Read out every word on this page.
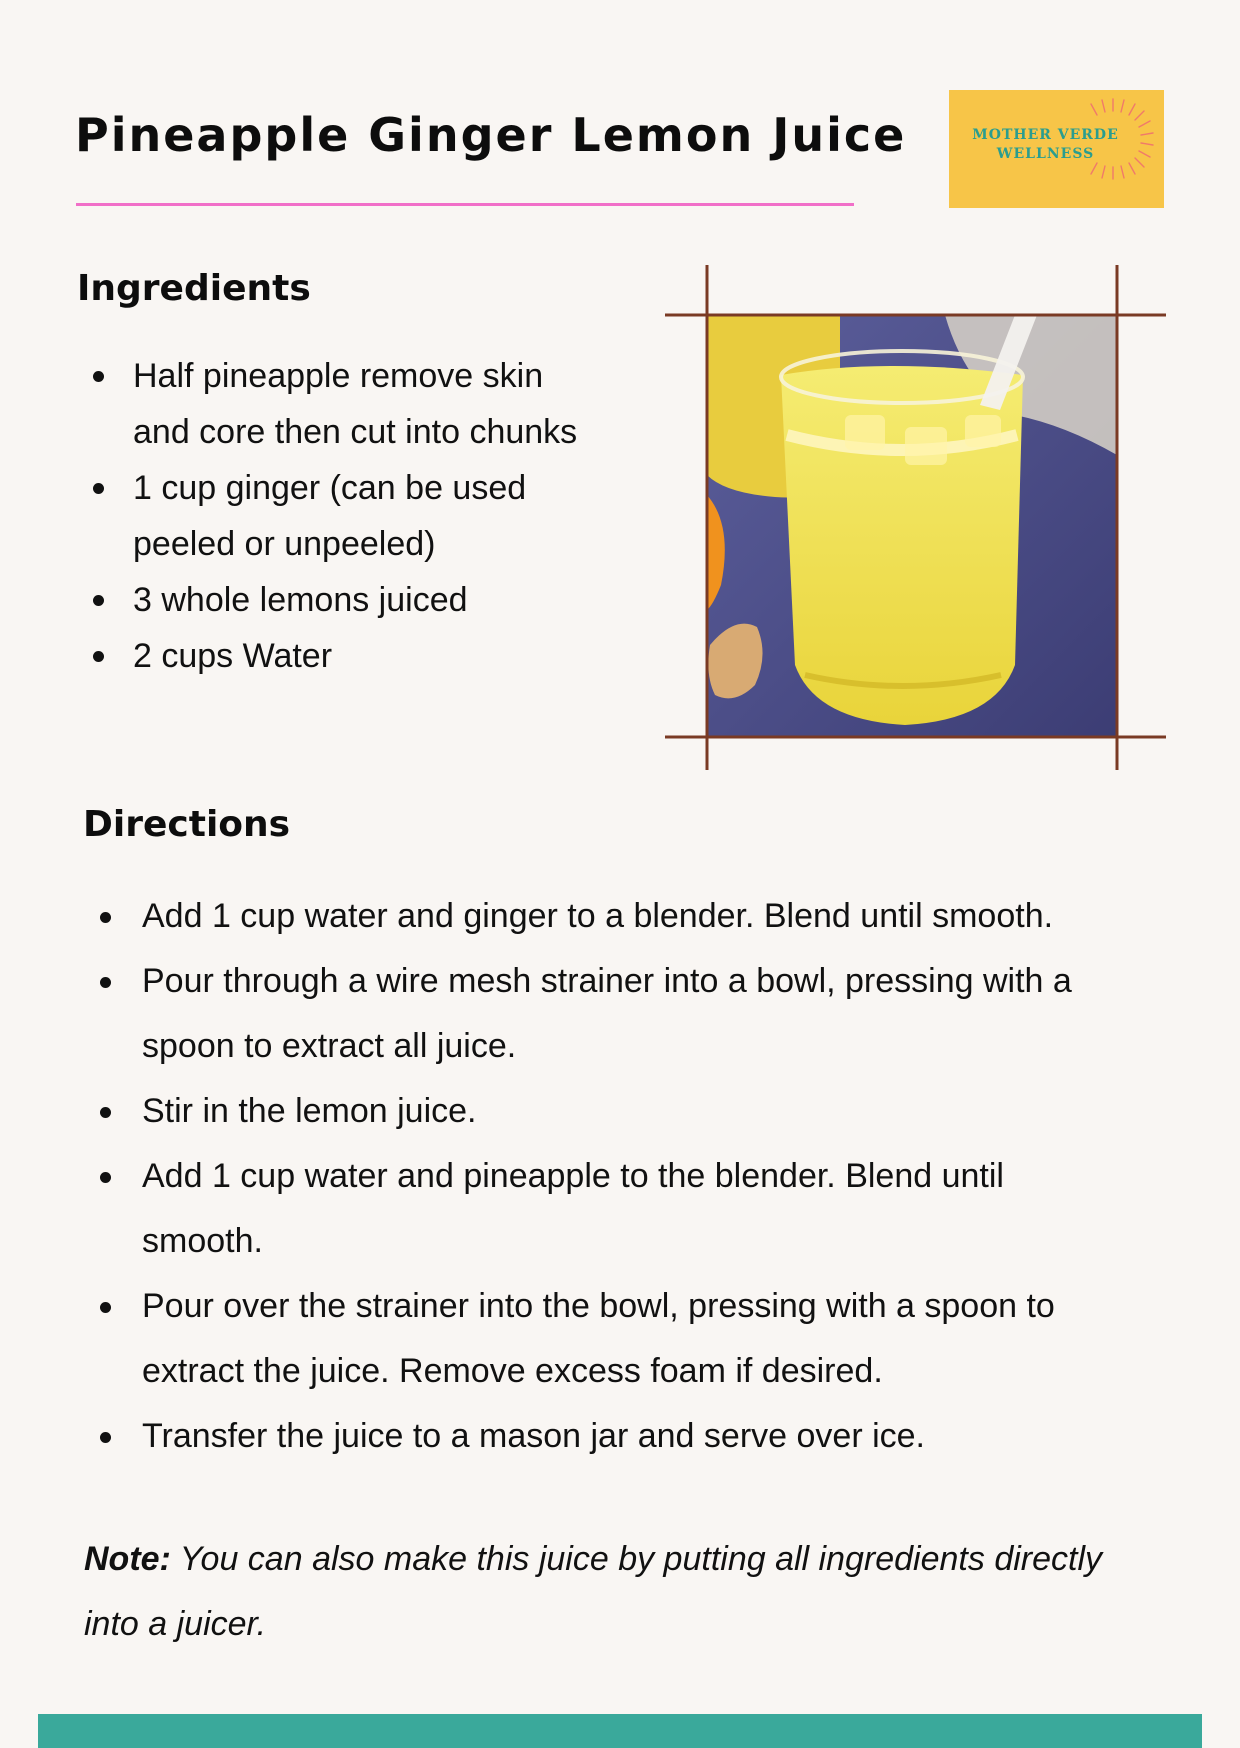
Pineapple Ginger Lemon Juice	MOTHER VERDE
WELLNESS
Ingredients
Half pineapple remove skin and core then cut into chunks
1 cup ginger (can be used peeled or unpeeled)
3 whole lemons juiced
2 cups Water
Directions
Add 1 cup water and ginger to a blender. Blend until smooth.
Pour through a wire mesh strainer into a bowl, pressing with a spoon to extract all juice.
Stir in the lemon juice.
Add 1 cup water and pineapple to the blender. Blend until smooth.
Pour over the strainer into the bowl, pressing with a spoon to extract the juice. Remove excess foam if desired.
Transfer the juice to a mason jar and serve over ice.

Note: You can also make this juice by putting all ingredients directly into a juicer.
